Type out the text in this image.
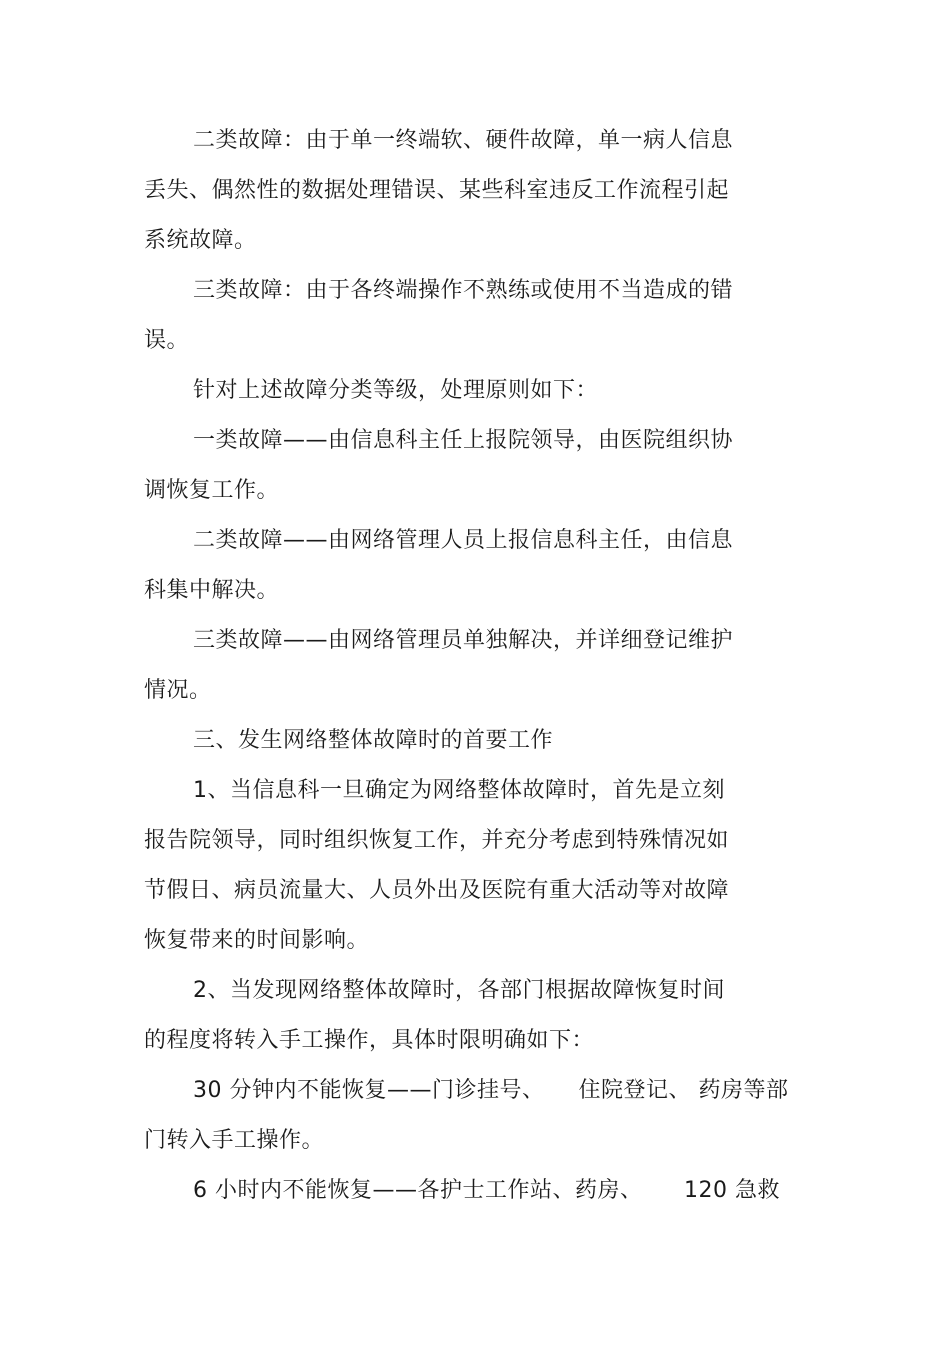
二类故障：由于单一终端软、硬件故障，单一病人信息
丢失、偶然性的数据处理错误、某些科室违反工作流程引起
系统故障。
三类故障：由于各终端操作不熟练或使用不当造成的错
误。
针对上述故障分类等级，处理原则如下：
一类故障——由信息科主任上报院领导，由医院组织协
调恢复工作。
二类故障——由网络管理人员上报信息科主任，由信息
科集中解决。
三类故障——由网络管理员单独解决，并详细登记维护
情况。
三、发生网络整体故障时的首要工作
1、当信息科一旦确定为网络整体故障时，首先是立刻
报告院领导，同时组织恢复工作，并充分考虑到特殊情况如
节假日、病员流量大、人员外出及医院有重大活动等对故障
恢复带来的时间影响。
2、当发现网络整体故障时，各部门根据故障恢复时间
的程度将转入手工操作，具体时限明确如下：
30 分钟内不能恢复——门诊挂号、　　住院登记、 药房等部
门转入手工操作。
6 小时内不能恢复——各护士工作站、药房、　　 120 急救
